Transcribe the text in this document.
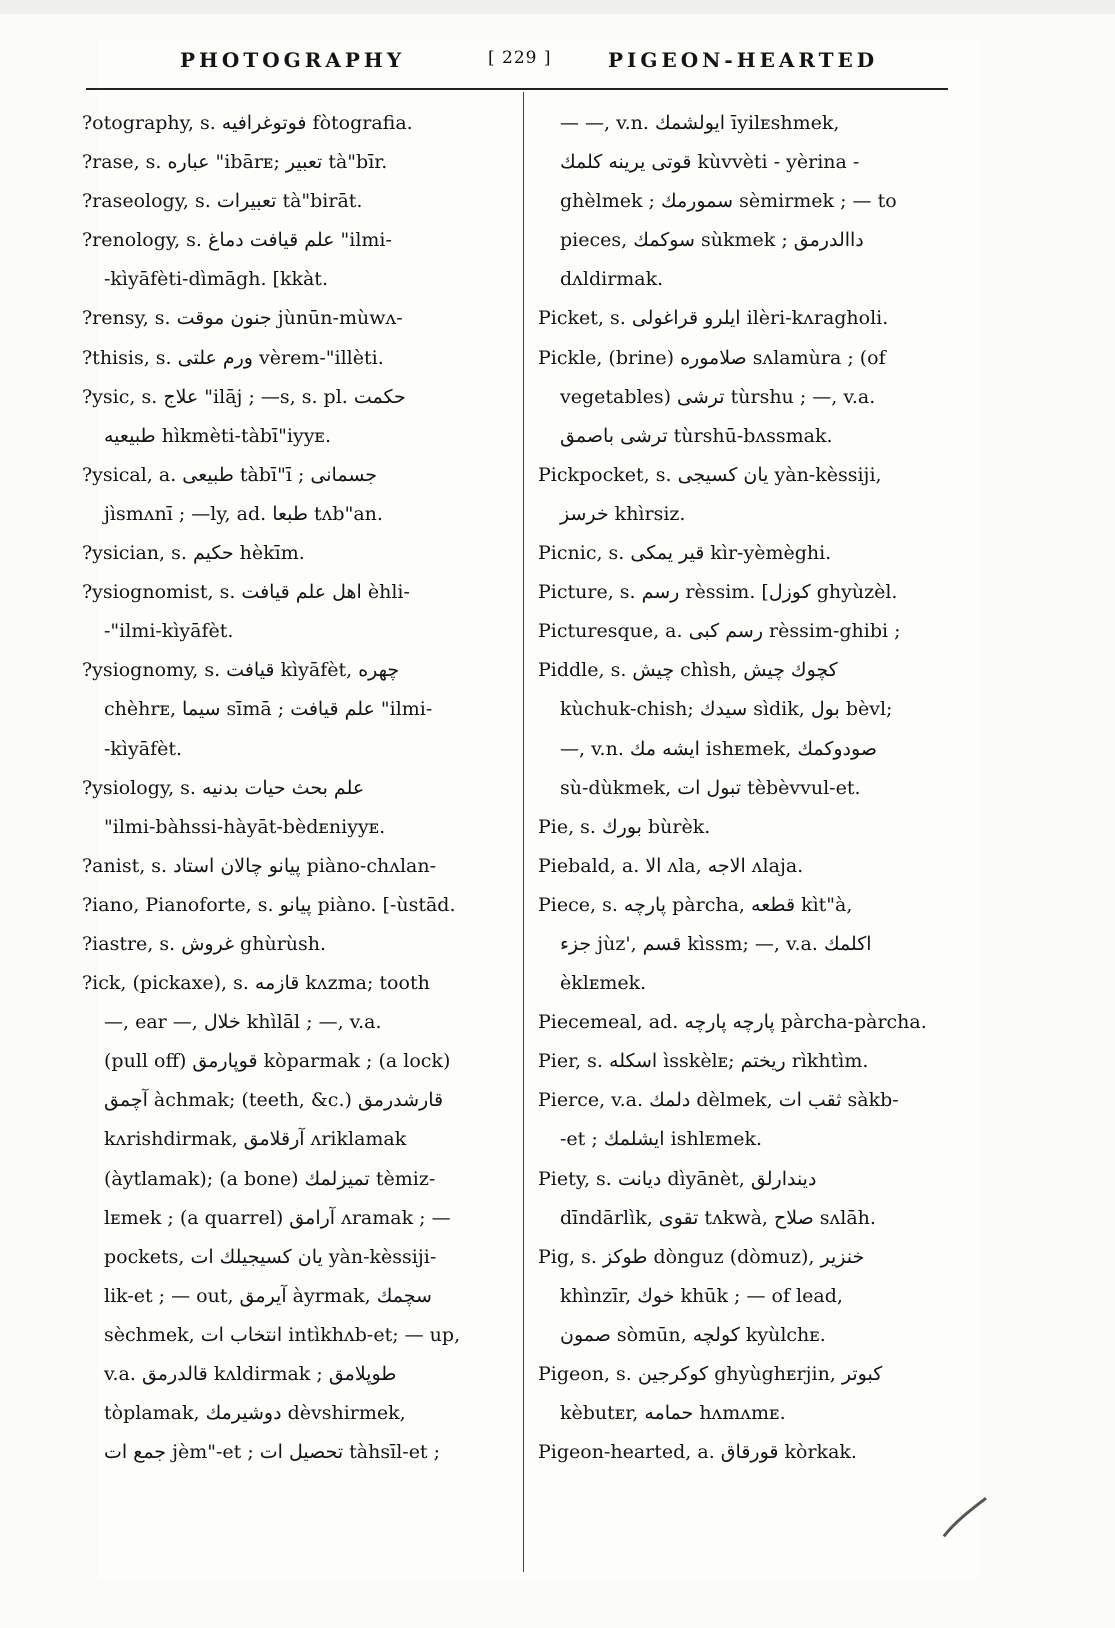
PHOTOGRAPHY	[ 229 ]	PIGEON-HEARTED
?otography, s. فوتوغرافيه fòtografia.
?rase, s. عباره "ibārᴇ; تعبير tà"bīr.
?raseology, s. تعبيرات tà"birāt.
?renology, s. علم قيافت دماغ "ilmi-
-kìyāfèti-dìmāgh. [kkàt.
?rensy, s. جنون موقت jùnūn-mùwᴧ-
?thisis, s. ورم علتى vèrem-"illèti.
?ysic, s. علاج "ilāj ; —s, s. pl. حكمت
طبيعيه hìkmèti-tàbī"iyyᴇ.
?ysical, a. طبيعى tàbī"ī ; جسمانى
jìsmᴧnī ; —ly, ad. طبعا tᴧb"an.
?ysician, s. حكيم hèkīm.
?ysiognomist, s. اهل علم قيافت èhli-
-"ilmi-kìyāfèt.
?ysiognomy, s. قيافت kìyāfèt, چهره
chèhrᴇ, سيما sīmā ; علم قيافت "ilmi-
-kìyāfèt.
?ysiology, s. علم بحث حيات بدنيه
"ilmi-bàhssi-hàyāt-bèdᴇniyyᴇ.
?anist, s. پيانو چالان استاد piàno-chᴧlan-
?iano, Pianoforte, s. پيانو piàno. [-ùstād.
?iastre, s. غروش ghùrùsh.
?ick, (pickaxe), s. قازمه kᴧzma; tooth
—, ear —, خلال khìlāl ; —, v.a.
(pull off) قوپارمق kòparmak ; (a lock)
آچمق àchmak; (teeth, &c.) قارشدرمق
kᴧrishdirmak, آرقلامق ᴧriklamak
(àytlamak); (a bone) تميزلمك tèmiz-
lᴇmek ; (a quarrel) آرامق ᴧramak ; —
pockets, يان كسيجيلك ات yàn-kèssiji-
lik-et ; — out, آيرمق àyrmak, سچمك
sèchmek, انتخاب ات intìkhᴧb-et; — up,
v.a. قالدرمق kᴧldirmak ; طوپلامق
tòplamak, دوشيرمك dèvshirmek,
جمع ات jèm"-et ; تحصيل ات tàhsīl-et ;
— —, v.n. ايولشمك īyilᴇshmek,
قوتى يرينه كلمك kùvvèti - yèrina -
ghèlmek ; سمورمك sèmirmek ; — to
pieces, سوكمك sùkmek ; داالدرمق
dᴧldirmak.
Picket, s. ايلرو قراغولى ilèri-kᴧragholi.
Pickle, (brine) صلاموره sᴧlamùra ; (of
vegetables) ترشى tùrshu ; —, v.a.
ترشى باصمق tùrshū-bᴧssmak.
Pickpocket, s. يان كسيجى yàn-kèssiji,
خرسز khìrsiz.
Picnic, s. قير يمكى kìr-yèmèghi.
Picture, s. رسم rèssim. [كوزل ghyùzèl.
Picturesque, a. رسم كبى rèssim-ghibi ;
Piddle, s. چيش chìsh, كچوك چيش
kùchuk-chish; سيدك sìdik, بول bèvl;
—, v.n. ايشه مك ishᴇmek, صودوكمك
sù-dùkmek, تبول ات tèbèvvul-et.
Pie, s. بورك bùrèk.
Piebald, a. الا ᴧla, الاجه ᴧlaja.
Piece, s. پارچه pàrcha, قطعه kìt"à,
جزء jùz', قسم kìssm; —, v.a. اكلمك
èklᴇmek.
Piecemeal, ad. پارچه پارچه pàrcha-pàrcha.
Pier, s. اسكله ìsskèlᴇ; ريختم rìkhtìm.
Pierce, v.a. دلمك dèlmek, ثقب ات sàkb-
-et ; ايشلمك ishlᴇmek.
Piety, s. ديانت dìyānèt, ديندارلق
dīndārlìk, تقوى tᴧkwà, صلاح sᴧlāh.
Pig, s. طوكز dònguz (dòmuz), خنزير
khìnzīr, خوك khūk ; — of lead,
صمون sòmūn, كولچه kyùlchᴇ.
Pigeon, s. كوكرجين ghyùghᴇrjin, كبوتر
kèbutᴇr, حمامه hᴧmᴧmᴇ.
Pigeon-hearted, a. قورقاق kòrkak.
